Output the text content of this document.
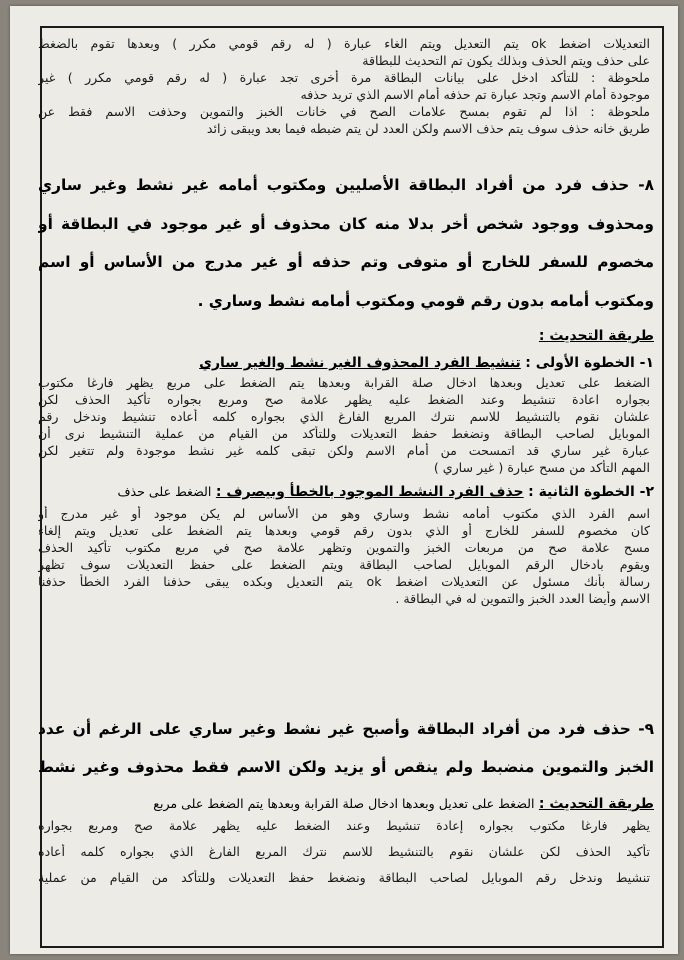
التعديلات اضغط ok يتم التعديل ويتم الغاء عبارة ( له رقم قومي مكرر ) وبعدها تقوم بالضغط
على حذف ويتم الحذف وبذلك يكون تم التحديث للبطاقة
ملحوظة : للتأكد ادخل على بيانات البطاقة مرة أخرى تجد عبارة ( له رقم قومي مكرر ) غير
موجودة أمام الاسم وتجد عبارة تم حذفه أمام الاسم الذي تريد حذفه
ملحوظة : اذا لم تقوم بمسح علامات الصح في خانات الخبز والتموين وحذفت الاسم فقط عن
طريق خانه حذف سوف يتم حذف الاسم ولكن العدد لن يتم ضبطه فيما بعد ويبقى زائد
٨- حذف فرد من أفراد البطاقة الأصليين ومكتوب أمامه غير نشط وغير ساري
ومحذوف ووجود شخص أخر بدلا منه كان محذوف أو غير موجود في البطاقة أو
مخصوم للسفر للخارج أو متوفى وتم حذفه أو غير مدرج من الأساس أو اسم
ومكتوب أمامه بدون رقم قومي ومكتوب أمامه نشط وساري .
طريقة التحديث :
١- الخطوة الأولى : تنشيط الفرد المحذوف الغير نشط والغير ساري
الضغط على تعديل وبعدها ادخال صلة القرابة وبعدها يتم الضغط على مربع يظهر فارغا مكتوب
بجواره اعادة تنشيط وعند الضغط عليه يظهر علامة صح ومربع بجواره تأكيد الحذف لكن
علشان نقوم بالتنشيط للاسم نترك المربع الفارغ الذي بجواره كلمه أعاده تنشيط وندخل رقم
الموبايل لصاحب البطاقة ونضغط حفظ التعديلات وللتأكد من القيام من عملية التنشيط نرى أن
عبارة غير ساري قد اتمسحت من أمام الاسم ولكن تبقى كلمه غير نشط موجودة ولم تتغير لكن
المهم التأكد من مسح عبارة ( غير ساري )
٢- الخطوة الثانية : حذف الفرد النشط الموجود بالخطأ وبيصرف : الضغط على حذف
اسم الفرد الذي مكتوب أمامه نشط وساري وهو من الأساس لم يكن موجود أو غير مدرج أو
كان مخصوم للسفر للخارج أو الذي بدون رقم قومي وبعدها يتم الضغط على تعديل ويتم إلغاء
مسح علامة صح من مربعات الخبز والتموين وتظهر علامة صح في مربع مكتوب تأكيد الحذف
ويقوم بادخال الرقم الموبايل لصاحب البطاقة ويتم الضغط على حفظ التعديلات سوف تظهر
رسالة بأنك مسئول عن التعديلات اضغط ok يتم التعديل وبكده يبقى حذفنا الفرد الخطأ حذفنا
الاسم وأيضا العدد الخبز والتموين له في البطاقة .
٩- حذف فرد من أفراد البطاقة وأصبح غير نشط وغير ساري على الرغم أن عدد
الخبز والتموين منضبط ولم ينقص أو يزيد ولكن الاسم فقط محذوف وغير نشط
طريقة التحديث : الضغط على تعديل وبعدها ادخال صلة القرابة وبعدها يتم الضغط على مربع
يظهر فارغا مكتوب بجواره إعادة تنشيط وعند الضغط عليه يظهر علامة صح ومربع بجواره
تأكيد الحذف لكن علشان نقوم بالتنشيط للاسم نترك المربع الفارغ الذي بجواره كلمه أعاده
تنشيط وندخل رقم الموبايل لصاحب البطاقة ونضغط حفظ التعديلات وللتأكد من القيام من عملية
